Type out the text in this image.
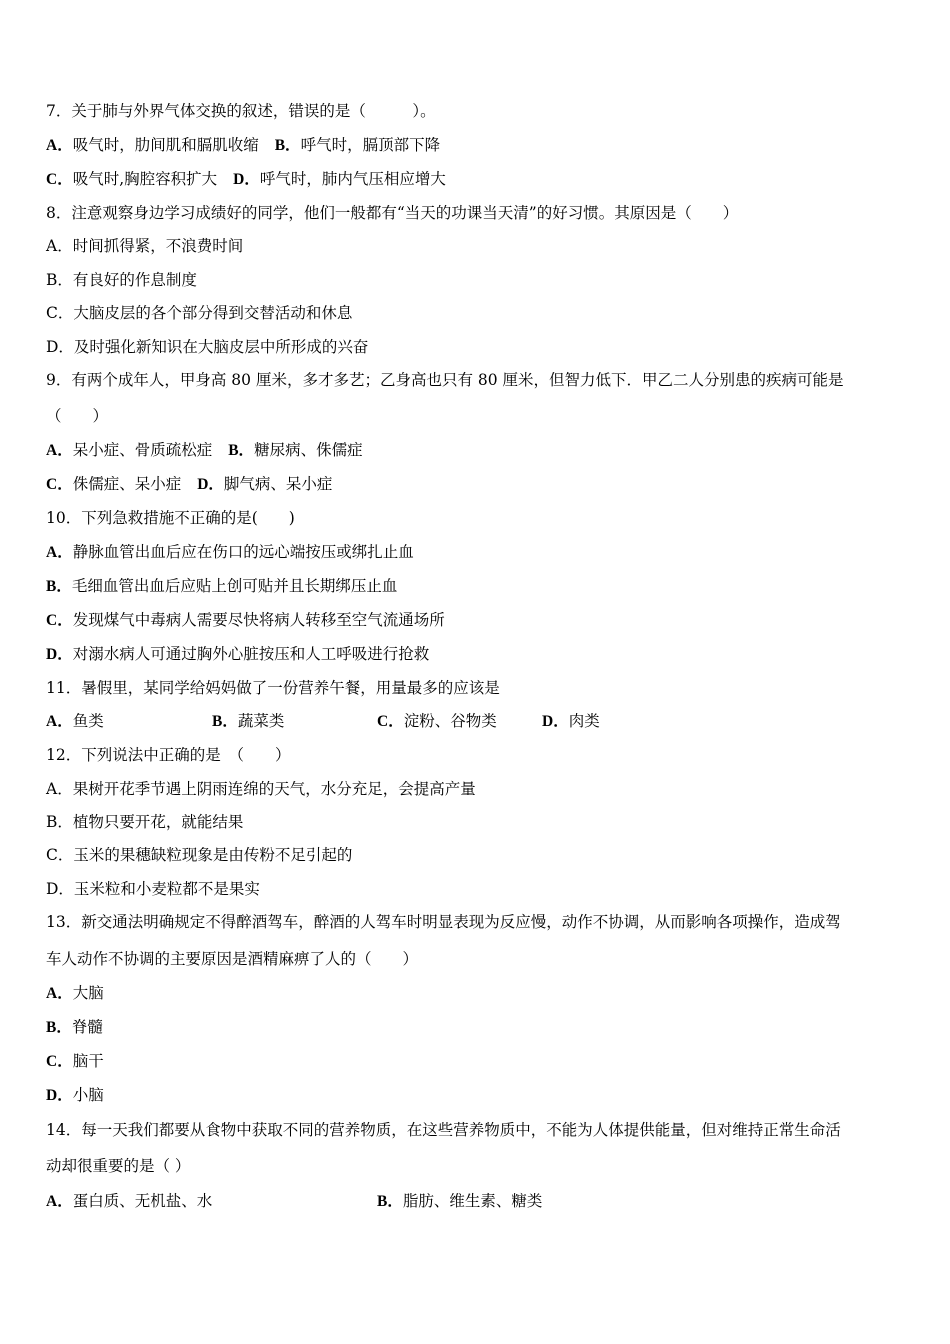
7．关于肺与外界气体交换的叙述，错误的是（　　　）。
A．吸气时，肋间肌和膈肌收缩 B．呼气时，膈顶部下降
C．吸气时,胸腔容积扩大 D．呼气时，肺内气压相应增大
8．注意观察身边学习成绩好的同学，他们一般都有“当天的功课当天清”的好习惯。其原因是（　　）
A．时间抓得紧，不浪费时间
B．有良好的作息制度
C．大脑皮层的各个部分得到交替活动和休息
D．及时强化新知识在大脑皮层中所形成的兴奋
9．有两个成年人，甲身高 80 厘米，多才多艺；乙身高也只有 80 厘米，但智力低下．甲乙二人分别患的疾病可能是
（　　）
A．呆小症、骨质疏松症 B．糖尿病、侏儒症
C．侏儒症、呆小症 D．脚气病、呆小症
10．下列急救措施不正确的是(　　)
A．静脉血管出血后应在伤口的远心端按压或绑扎止血
B．毛细血管出血后应贴上创可贴并且长期绑压止血
C．发现煤气中毒病人需要尽快将病人转移至空气流通场所
D．对溺水病人可通过胸外心脏按压和人工呼吸进行抢救
11．暑假里，某同学给妈妈做了一份营养午餐，用量最多的应该是
A．鱼类	B．蔬菜类	C．淀粉、谷物类	D．肉类
12．下列说法中正确的是　（　　）
A．果树开花季节遇上阴雨连绵的天气，水分充足，会提高产量
B．植物只要开花，就能结果
C．玉米的果穗缺粒现象是由传粉不足引起的
D．玉米粒和小麦粒都不是果实
13．新交通法明确规定不得醉酒驾车，醉酒的人驾车时明显表现为反应慢，动作不协调，从而影响各项操作，造成驾
车人动作不协调的主要原因是酒精麻痹了人的（　　）
A．大脑
B．脊髓
C．脑干
D．小脑
14．每一天我们都要从食物中获取不同的营养物质，在这些营养物质中，不能为人体提供能量，但对维持正常生命活
动却很重要的是（ ）
A．蛋白质、无机盐、水	B．脂肪、维生素、糖类
